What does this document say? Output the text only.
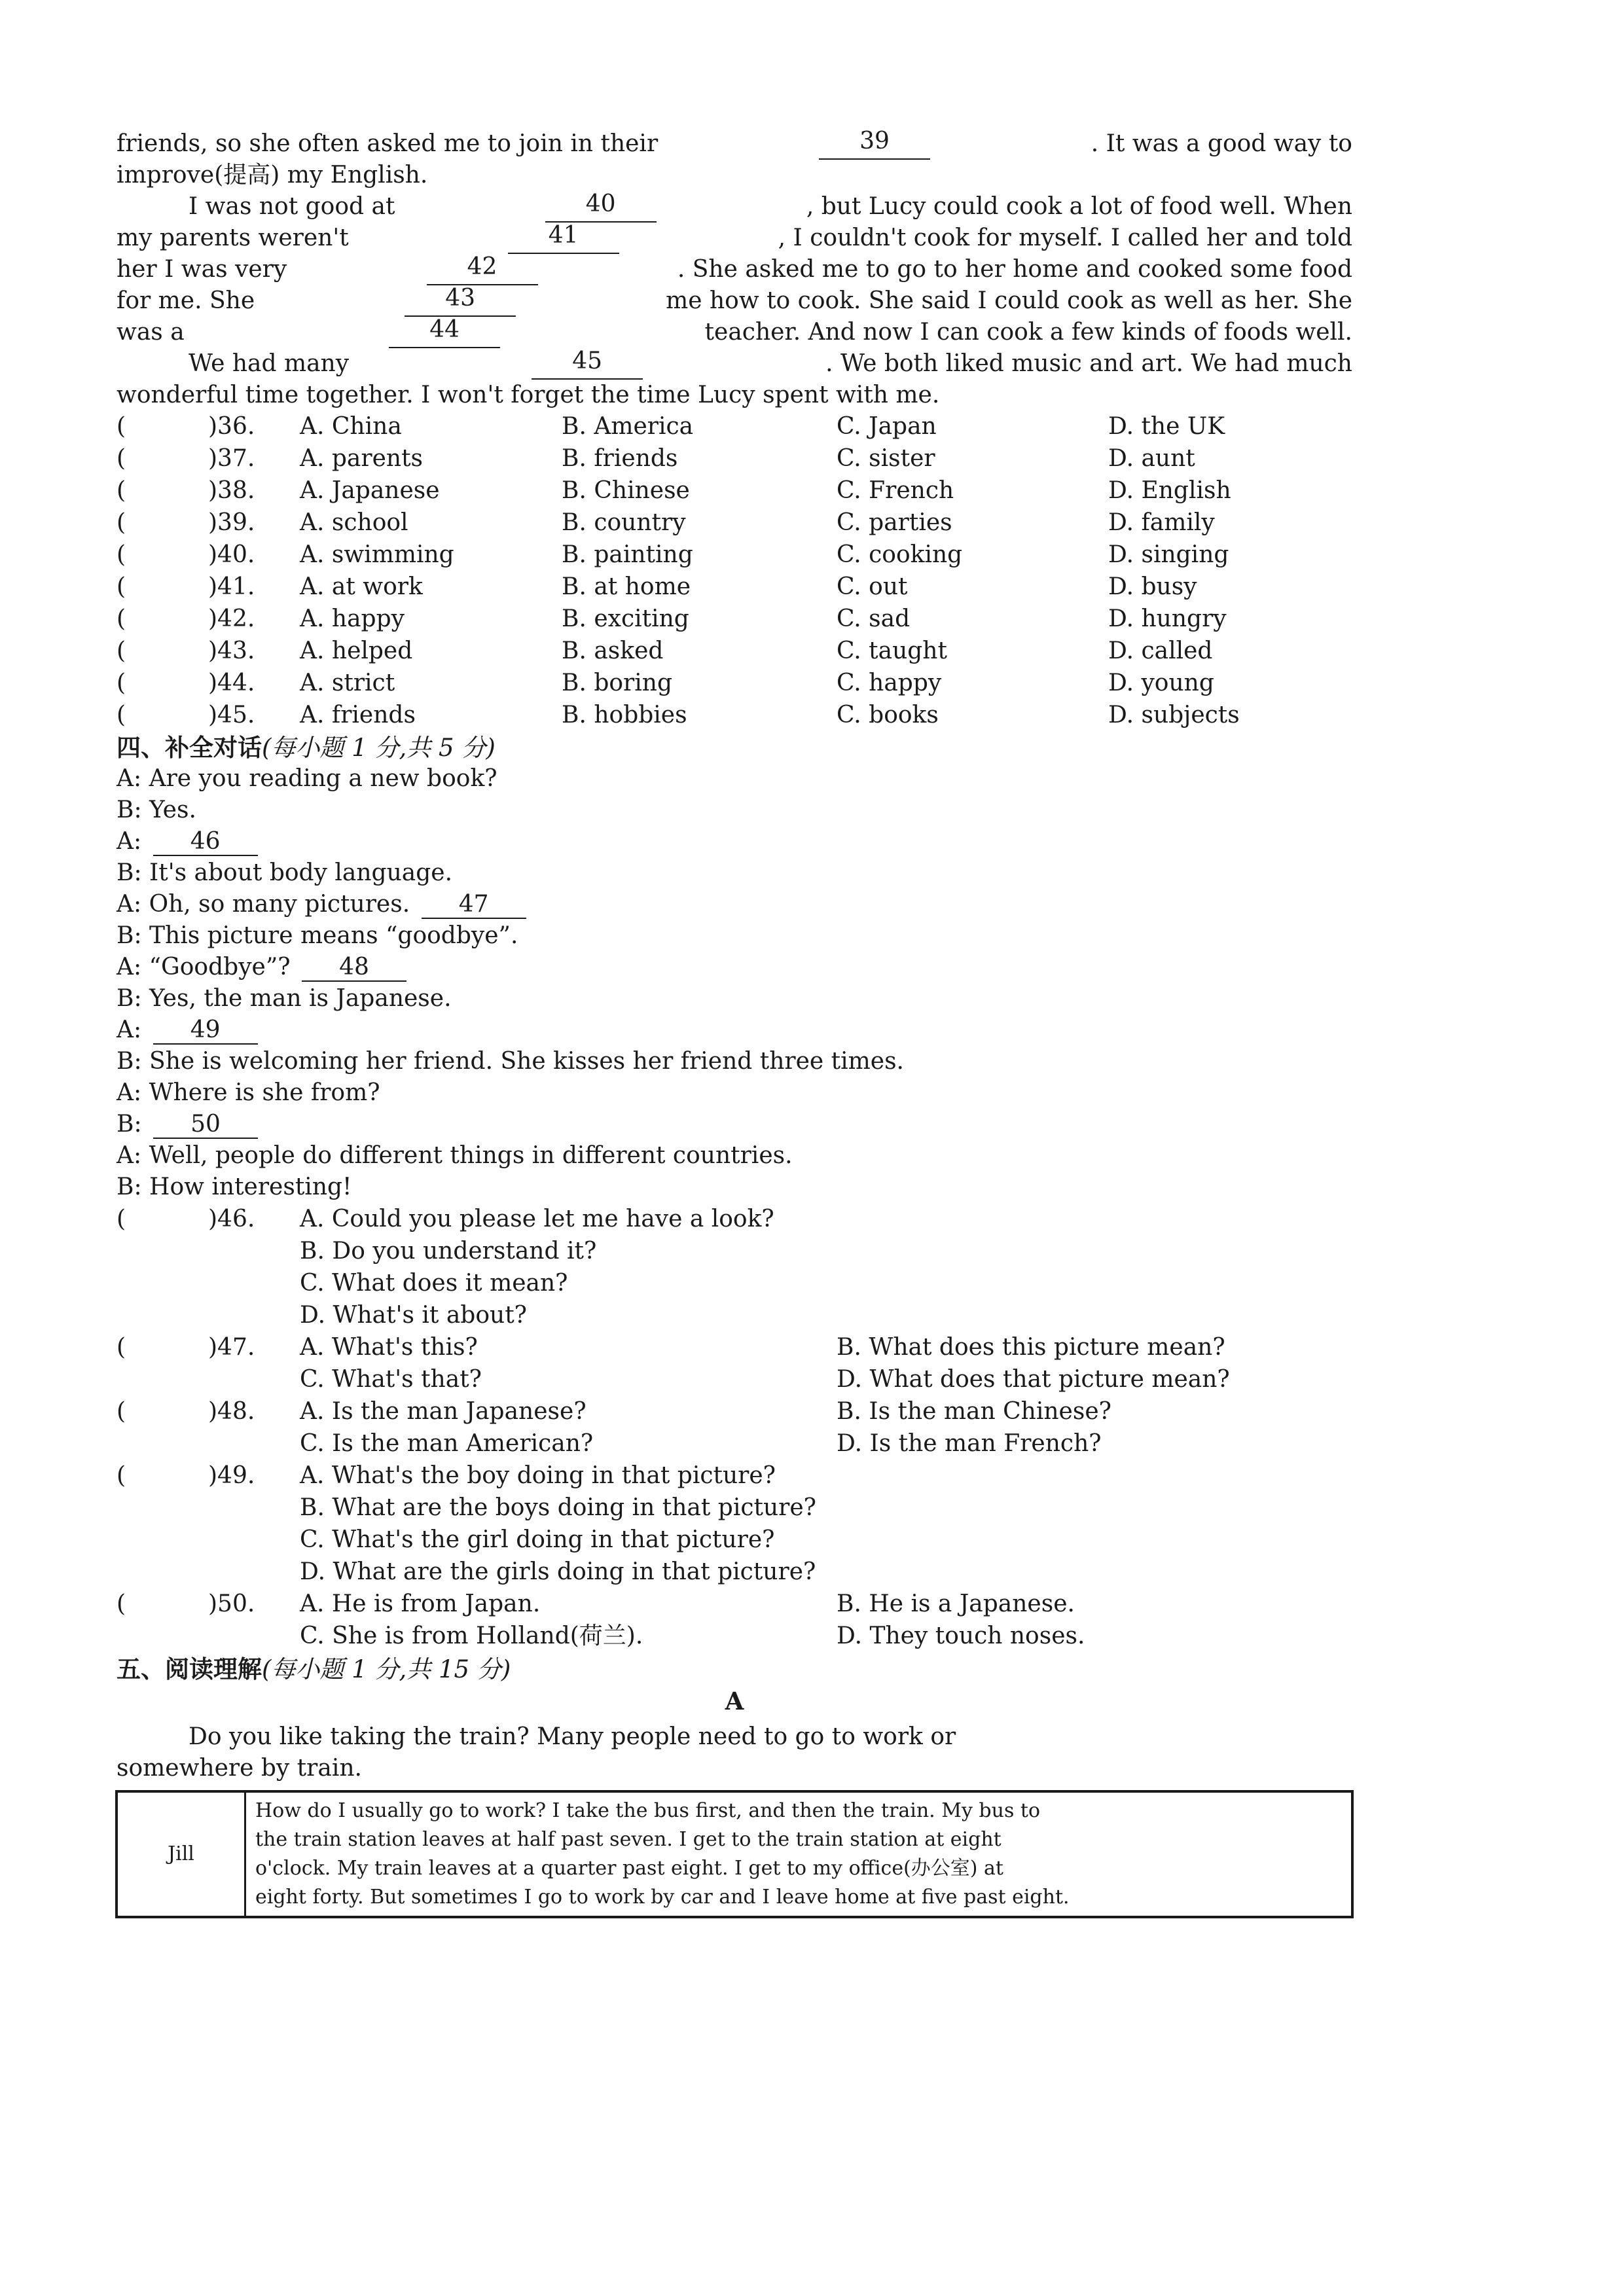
friends, so she often asked me to join in their	39	. It was a good way to
improve(提高) my English.
I was not good at	40	, but Lucy could cook a lot of food well. When
my parents weren't	41	, I couldn't cook for myself. I called her and told
her I was very	42	. She asked me to go to her home and cooked some food
for me. She	43	me how to cook. She said I could cook as well as her. She
was a	44	teacher. And now I can cook a few kinds of foods well.
We had many	45	. We both liked music and art. We had much
wonderful time together. I won't forget the time Lucy spent with me.
(	)36. A. China	B. America	C. Japan	D. the UK
(	)37. A. parents	B. friends	C. sister	D. aunt
(	)38. A. Japanese	B. Chinese	C. French	D. English
(	)39. A. school	B. country	C. parties	D. family
(	)40. A. swimming	B. painting	C. cooking	D. singing
(	)41. A. at work	B. at home	C. out	D. busy
(	)42. A. happy	B. exciting	C. sad	D. hungry
(	)43. A. helped	B. asked	C. taught	D. called
(	)44. A. strict	B. boring	C. happy	D. young
(	)45. A. friends	B. hobbies	C. books	D. subjects
四、补全对话(每小题 1 分,共 5 分)
A: Are you reading a new book?
B: Yes.
A: 46
B: It's about body language.
A: Oh, so many pictures. 47
B: This picture means “goodbye”.
A: “Goodbye”? 48
B: Yes, the man is Japanese.
A: 49
B: She is welcoming her friend. She kisses her friend three times.
A: Where is she from?
B: 50
A: Well, people do different things in different countries.
B: How interesting!
(	)46. A. Could you please let me have a look?
B. Do you understand it?
C. What does it mean?
D. What's it about?
(	)47. A. What's this?	B. What does this picture mean?
C. What's that?	D. What does that picture mean?
(	)48. A. Is the man Japanese?	B. Is the man Chinese?
C. Is the man American?	D. Is the man French?
(	)49. A. What's the boy doing in that picture?
B. What are the boys doing in that picture?
C. What's the girl doing in that picture?
D. What are the girls doing in that picture?
(	)50. A. He is from Japan.	B. He is a Japanese.
C. She is from Holland(荷兰).	D. They touch noses.
五、阅读理解(每小题 1 分,共 15 分)
A
Do you like taking the train? Many people need to go to work or
somewhere by train.
Jill	
How do I usually go to work? I take the bus first, and then the train. My bus to
the train station leaves at half past seven. I get to the train station at eight
o'clock. My train leaves at a quarter past eight. I get to my office(办公室) at
eight forty. But sometimes I go to work by car and I leave home at five past eight.
